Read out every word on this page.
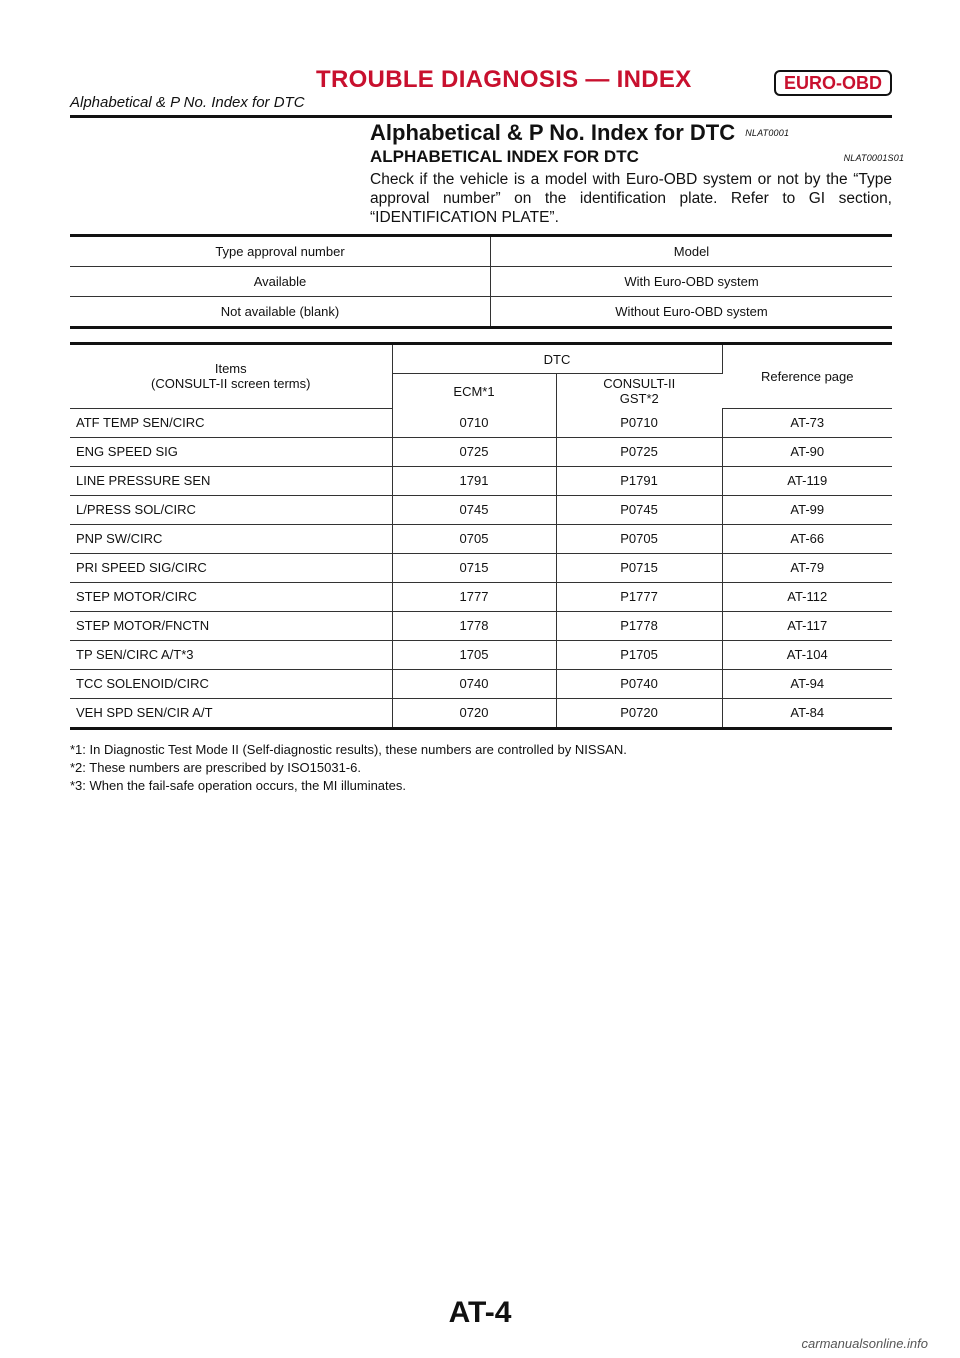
TROUBLE DIAGNOSIS — INDEX	EURO-OBD
Alphabetical & P No. Index for DTC
Alphabetical & P No. Index for DTC NLAT0001
ALPHABETICAL INDEX FOR DTC	NLAT0001S01
Check if the vehicle is a model with Euro-OBD system or not by the “Type approval number” on the identification plate. Refer to GI section, “IDENTIFICATION PLATE”.
Type approval number	Model
Available	With Euro-OBD system
Not available (blank)	Without Euro-OBD system
Items
(CONSULT-II screen terms)	DTC		Reference page
	ECM*1	CONSULT-II
GST*2	

ATF TEMP SEN/CIRC	0710	P0710	AT-73
ENG SPEED SIG	0725	P0725	AT-90
LINE PRESSURE SEN	1791	P1791	AT-119
L/PRESS SOL/CIRC	0745	P0745	AT-99
PNP SW/CIRC	0705	P0705	AT-66
PRI SPEED SIG/CIRC	0715	P0715	AT-79
STEP MOTOR/CIRC	1777	P1777	AT-112
STEP MOTOR/FNCTN	1778	P1778	AT-117
TP SEN/CIRC A/T*3	1705	P1705	AT-104
TCC SOLENOID/CIRC	0740	P0740	AT-94
VEH SPD SEN/CIR A/T	0720	P0720	AT-84
*1: In Diagnostic Test Mode II (Self-diagnostic results), these numbers are controlled by NISSAN.
*2: These numbers are prescribed by ISO15031-6.
*3: When the fail-safe operation occurs, the MI illuminates.
AT-4
carmanualsonline.info
